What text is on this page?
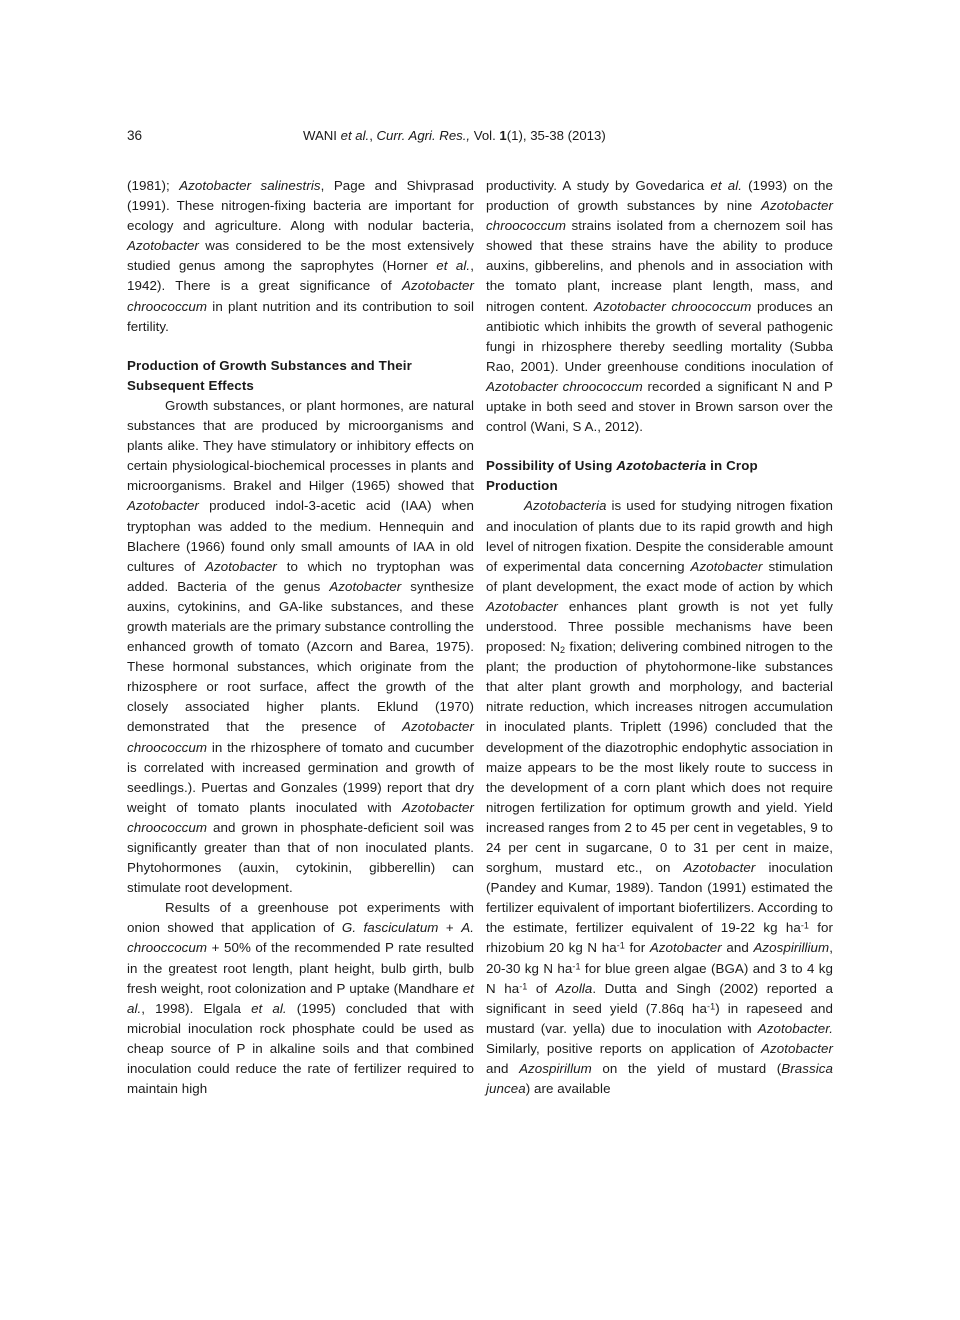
36	WANI et al., Curr. Agri. Res., Vol. 1(1), 35-38 (2013)

(1981); Azotobacter salinestris, Page and Shivprasad (1991). These nitrogen-fixing bacteria are important for ecology and agriculture. Along with nodular bacteria, Azotobacter was considered to be the most extensively studied genus among the saprophytes (Horner et al., 1942). There is a great significance of Azotobacter chroococcum in plant nutrition and its contribution to soil fertility.

Production of Growth Substances and Their Subsequent Effects

Growth substances, or plant hormones, are natural substances that are produced by microorganisms and plants alike. They have stimulatory or inhibitory effects on certain physiological-biochemical processes in plants and microorganisms. Brakel and Hilger (1965) showed that Azotobacter produced indol-3-acetic acid (IAA) when tryptophan was added to the medium. Hennequin and Blachere (1966) found only small amounts of IAA in old cultures of Azotobacter to which no tryptophan was added. Bacteria of the genus Azotobacter synthesize auxins, cytokinins, and GA-like substances, and these growth materials are the primary substance controlling the enhanced growth of tomato (Azcorn and Barea, 1975). These hormonal substances, which originate from the rhizosphere or root surface, affect the growth of the closely associated higher plants. Eklund (1970) demonstrated that the presence of Azotobacter chroococcum in the rhizosphere of tomato and cucumber is correlated with increased germination and growth of seedlings.). Puertas and Gonzales (1999) report that dry weight of tomato plants inoculated with Azotobacter chroococcum and grown in phosphate-deficient soil was significantly greater than that of non inoculated plants. Phytohormones (auxin, cytokinin, gibberellin) can stimulate root development.

Results of a greenhouse pot experiments with onion showed that application of G. fasciculatum + A. chrooccocum + 50% of the recommended P rate resulted in the greatest root length, plant height, bulb girth, bulb fresh weight, root colonization and P uptake (Mandhare et al., 1998). Elgala et al. (1995) concluded that with microbial inoculation rock phosphate could be used as cheap source of P in alkaline soils and that combined inoculation could reduce the rate of fertilizer required to maintain high

productivity. A study by Govedarica et al. (1993) on the production of growth substances by nine Azotobacter chroococcum strains isolated from a chernozem soil has showed that these strains have the ability to produce auxins, gibberelins, and phenols and in association with the tomato plant, increase plant length, mass, and nitrogen content. Azotobacter chroococcum produces an antibiotic which inhibits the growth of several pathogenic fungi in rhizosphere thereby seedling mortality (Subba Rao, 2001). Under greenhouse conditions inoculation of Azotobacter chroococcum recorded a significant N and P uptake in both seed and stover in Brown sarson over the control (Wani, S A., 2012).

Possibility of Using Azotobacteria in Crop Production

Azotobacteria is used for studying nitrogen fixation and inoculation of plants due to its rapid growth and high level of nitrogen fixation. Despite the considerable amount of experimental data concerning Azotobacter stimulation of plant development, the exact mode of action by which Azotobacter enhances plant growth is not yet fully understood. Three possible mechanisms have been proposed: $N_2$ fixation; delivering combined nitrogen to the plant; the production of phytohormone-like substances that alter plant growth and morphology, and bacterial nitrate reduction, which increases nitrogen accumulation in inoculated plants. Triplett (1996) concluded that the development of the diazotrophic endophytic association in maize appears to be the most likely route to success in the development of a corn plant which does not require nitrogen fertilization for optimum growth and yield. Yield increased ranges from 2 to 45 per cent in vegetables, 9 to 24 per cent in sugarcane, 0 to 31 per cent in maize, sorghum, mustard etc., on Azotobacter inoculation (Pandey and Kumar, 1989). Tandon (1991) estimated the fertilizer equivalent of important biofertilizers. According to the estimate, fertilizer equivalent of 19-22 kg $ha^{-1}$ for rhizobium 20 kg N $ha^{-1}$ for Azotobacter and Azospirillium, 20-30 kg N $ha^{-1}$ for blue green algae (BGA) and 3 to 4 kg N $ha^{-1}$ of Azolla. Dutta and Singh (2002) reported a significant in seed yield (7.86q $ha^{-1}$) in rapeseed and mustard (var. yella) due to inoculation with Azotobacter. Similarly, positive reports on application of Azotobacter and Azospirillum on the yield of mustard (Brassica juncea) are available
